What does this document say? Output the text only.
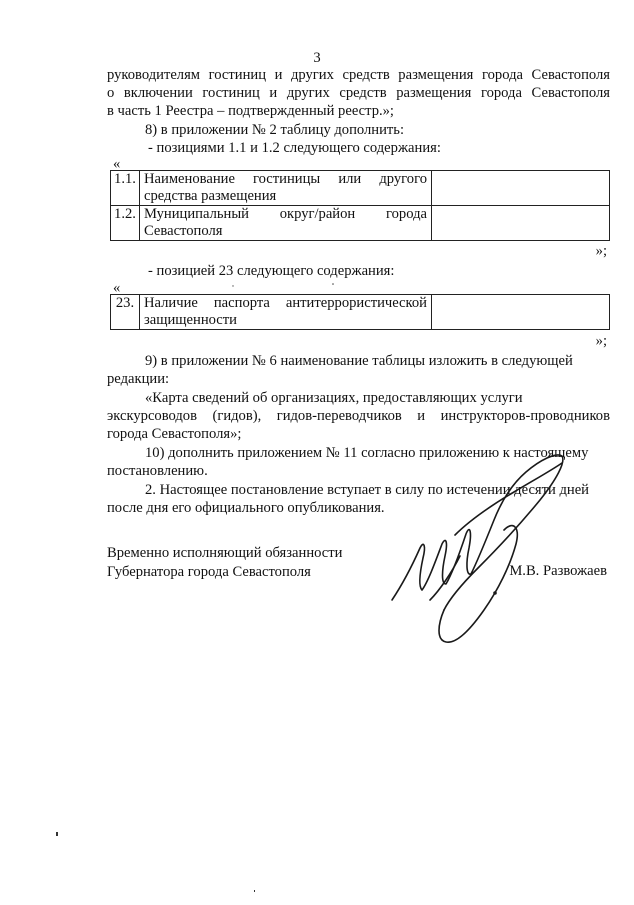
3
руководителям гостиниц и других средств размещения города Севастополя
о включении гостиниц и других средств размещения города Севастополя
в часть 1 Реестра – подтвержденный реестр.»;
8) в приложении № 2 таблицу дополнить:
- позициями 1.1 и 1.2 следующего содержания:
«
1.1.	Наименование гостиницы или другого
средства размещения	

1.2.	Муниципальный округ/район города
Севастополя	

»;
- позицией 23 следующего содержания:
«
23.	Наличие паспорта антитеррористической
защищенности

»;
9) в приложении № 6 наименование таблицы изложить в следующей
редакции:
«Карта сведений об организациях, предоставляющих услуги
экскурсоводов (гидов), гидов-переводчиков и инструкторов-проводников
города Севастополя»;
10) дополнить приложением № 11 согласно приложению к настоящему
постановлению.
2. Настоящее постановление вступает в силу по истечении десяти дней
после дня его официального опубликования.
Временно исполняющий обязанности
Губернатора города Севастополя	М.В. Развожаев
